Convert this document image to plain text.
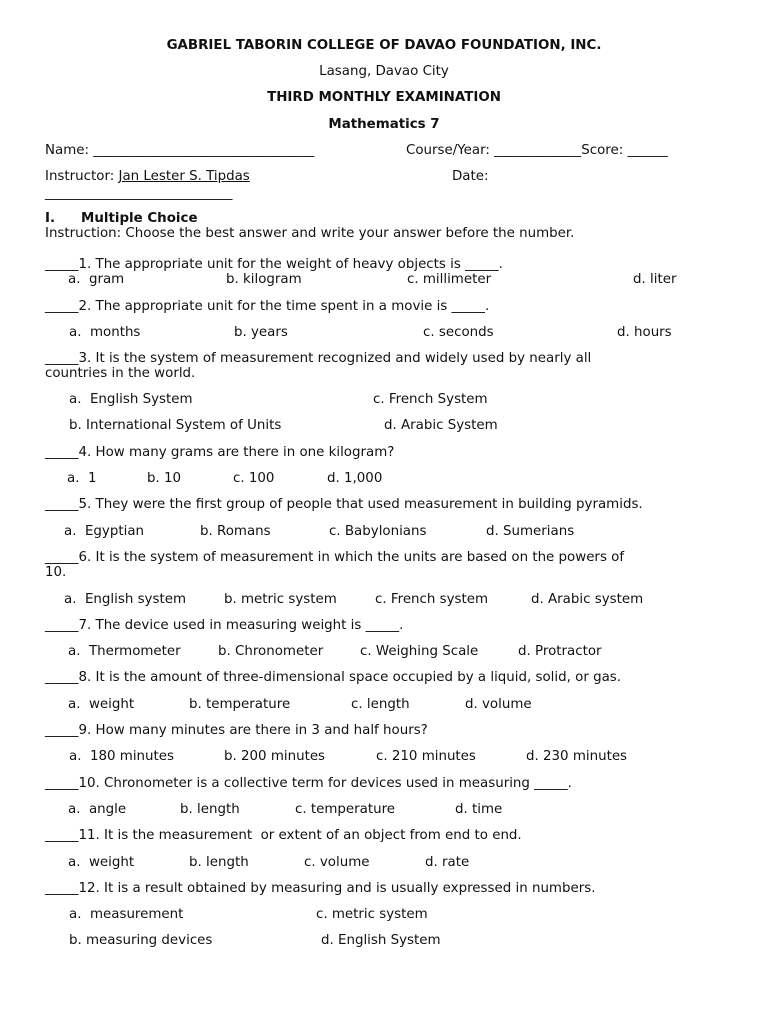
GABRIEL TABORIN COLLEGE OF DAVAO FOUNDATION, INC.
Lasang, Davao City
THIRD MONTHLY EXAMINATION
Mathematics 7
Name: _________________________________	Course/Year: _____________Score: ______
Instructor: Jan Lester S. Tipdas	Date:
____________________________
I. Multiple Choice
Instruction: Choose the best answer and write your answer before the number.
_____1. The appropriate unit for the weight of heavy objects is _____.
a.  gram	b. kilogram	c. millimeter	d. liter
_____2. The appropriate unit for the time spent in a movie is _____.
a.  months	b. years	c. seconds	d. hours
_____3. It is the system of measurement recognized and widely used by nearly all
countries in the world.
a.  English System	c. French System
b. International System of Units	d. Arabic System
_____4. How many grams are there in one kilogram?
a.  1	b. 10	c. 100	d. 1,000
_____5. They were the first group of people that used measurement in building pyramids.
a.  Egyptian	b. Romans	c. Babylonians	d. Sumerians
_____6. It is the system of measurement in which the units are based on the powers of
10.
a.  English system	b. metric system	c. French system	d. Arabic system
_____7. The device used in measuring weight is _____.
a.  Thermometer	b. Chronometer	c. Weighing Scale	d. Protractor
_____8. It is the amount of three-dimensional space occupied by a liquid, solid, or gas.
a.  weight	b. temperature	c. length	d. volume
_____9. How many minutes are there in 3 and half hours?
a.  180 minutes	b. 200 minutes	c. 210 minutes	d. 230 minutes
_____10. Chronometer is a collective term for devices used in measuring _____.
a.  angle	b. length	c. temperature	d. time
_____11. It is the measurement  or extent of an object from end to end.
a.  weight	b. length	c. volume	d. rate
_____12. It is a result obtained by measuring and is usually expressed in numbers.
a.  measurement	c. metric system
b. measuring devices	d. English System
